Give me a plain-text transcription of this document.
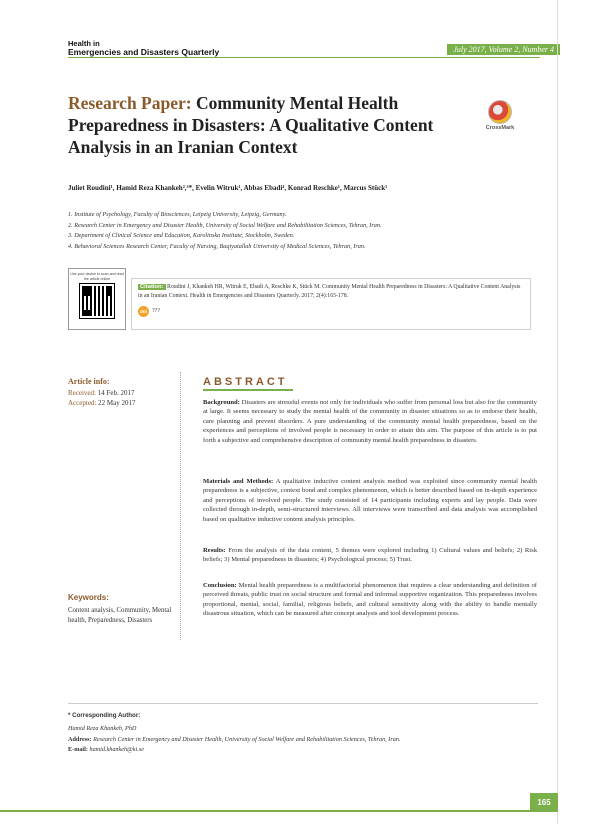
Health in
Emergencies and Disasters Quarterly	July 2017, Volume 2, Number 4
Research Paper: Community Mental Health Preparedness in Disasters: A Qualitative Content Analysis in an Iranian Context
CrossMark
Juliet Roudini¹, Hamid Reza Khankeh²,³*, Evelin Witruk¹, Abbas Ebadi⁴, Konrad Reschke¹, Marcus Stück¹
1. Institute of Psychology, Faculty of Biosciences, Leipzig University, Leipzig, Germany.
2. Research Center in Emergency and Disaster Health, University of Social Welfare and Rehabilitation Sciences, Tehran, Iran.
3. Department of Clinical Science and Education, Karolinska Institute, Stockholm, Sweden.
4. Behavioral Sciences Research Center, Faculty of Nursing, Baqiyatallah University of Medical Sciences, Tehran, Iran.
Use your device to scan and read the article online
Citation: Roudini J, Khankeh HR, Witruk E, Ebadi A, Reschke K, Stück M. Community Mental Health Preparedness in Disasters: A Qualitative Content Analysis in an Iranian Context. Health in Emergencies and Disasters Quarterly. 2017; 2(4):165-178.
doi ???
Article info:
Received: 14 Feb. 2017
Accepted: 22 May 2017
Keywords:
Content analysis, Community, Mental health, Preparedness, Disasters
ABSTRACT
Background: Disasters are stressful events not only for individuals who suffer from personal loss but also for the community at large. It seems necessary to study the mental health of the community in disaster situations so as to endorse their health, care planning and prevent disorders. A pure understanding of the community mental health preparedness, based on the experiences and perceptions of involved people is necessary in order to attain this aim. The purpose of this article is to put forth a subjective and comprehensive description of community mental health preparedness in disasters.
Materials and Methods: A qualitative inductive content analysis method was exploited since community mental health preparedness is a subjective, context bond and complex phenomenon, which is better described based on in-depth experience and perceptions of involved people. The study consisted of 14 participants including experts and lay people. Data were collected through in-depth, semi-structured interviews. All interviews were transcribed and data analysis was accomplished based on qualitative inductive content analysis principles.
Results: From the analysis of the data content, 5 themes were explored including 1) Cultural values and beliefs; 2) Risk beliefs; 3) Mental preparedness in disasters; 4) Psychological process; 5) Trust.
Conclusion: Mental health preparedness is a multifactorial phenomenon that requires a clear understanding and definition of perceived threats, public trust on social structure and formal and informal supportive organization. This preparedness involves proportional, mental, social, familial, religious beliefs, and cultural sensitivity along with the ability to handle mentally disastrous situation, which can be measured after concept analysis and tool development process.
* Corresponding Author:
Hamid Reza Khankeh, PhD
Address: Research Center in Emergency and Disaster Health, University of Social Welfare and Rehabilitation Sciences, Tehran, Iran.
E-mail: hamid.khankeh@ki.se
165
